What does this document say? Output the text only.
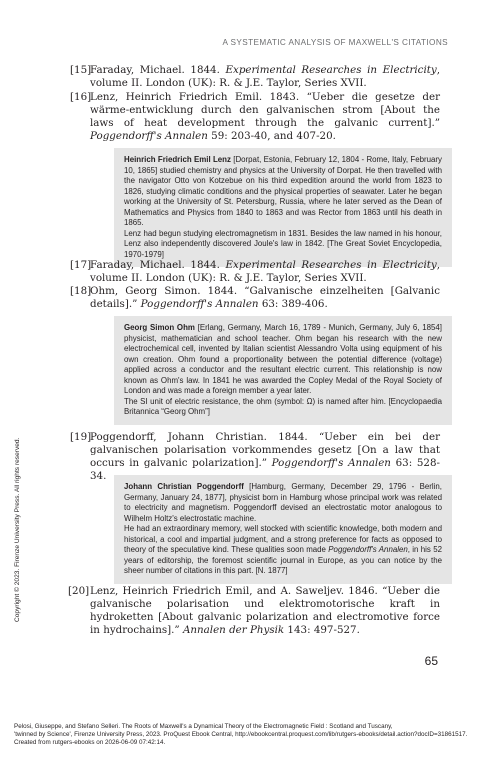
A SYSTEMATIC ANALYSIS OF MAXWELL'S CITATIONS
[15]
Faraday, Michael. 1844. Experimental Researches in Electricity, volume II. London (UK): R. & J.E. Taylor, Series XVII.
[16]
Lenz, Heinrich Friedrich Emil. 1843. “Ueber die gesetze der wärme-entwicklung durch den galvanischen strom [About the laws of heat development through the galvanic current].” Poggendorff's Annalen 59: 203-40, and 407-20.

Heinrich Friedrich Emil Lenz [Dorpat, Estonia, February 12, 1804 - Rome, Italy, February 10, 1865] studied chemistry and physics at the University of Dorpat. He then travelled with the navigator Otto von Kotzebue on his third expedition around the world from 1823 to 1826, studying climatic conditions and the physical properties of seawater. Later he began working at the University of St. Petersburg, Russia, where he later served as the Dean of Mathematics and Physics from 1840 to 1863 and was Rector from 1863 until his death in 1865.

Lenz had begun studying electromagnetism in 1831. Besides the law named in his honour, Lenz also independently discovered Joule's law in 1842. [The Great Soviet Encyclopedia, 1970-1979]

[17]
Faraday, Michael. 1844. Experimental Researches in Electricity, volume II. London (UK): R. & J.E. Taylor, Series XVII.
[18]
Ohm, Georg Simon. 1844. “Galvanische einzelheiten [Galvanic details].” Poggendorff's Annalen 63: 389-406.

Georg Simon Ohm [Erlang, Germany, March 16, 1789 - Munich, Germany, July 6, 1854] physicist, mathematician and school teacher. Ohm began his research with the new electrochemical cell, invented by Italian scientist Alessandro Volta using equipment of his own creation. Ohm found a proportionality between the potential difference (voltage) applied across a conductor and the resultant electric current. This relationship is now known as Ohm's law. In 1841 he was awarded the Copley Medal of the Royal Society of London and was made a foreign member a year later.

The SI unit of electric resistance, the ohm (symbol: Ω) is named after him. [Encyclopaedia Britannica “Georg Ohm”]

[19]
Poggendorff, Johann Christian. 1844. “Ueber ein bei der galvanischen polarisation vorkommendes gesetz [On a law that occurs in galvanic polarization].” Poggendorff's Annalen 63: 528-34.

Johann Christian Poggendorff [Hamburg, Germany, December 29, 1796 - Berlin, Germany, January 24, 1877], physicist born in Hamburg whose principal work was related to electricity and magnetism. Poggendorff devised an electrostatic motor analogous to Wilhelm Holtz's electrostatic machine.

He had an extraordinary memory, well stocked with scientific knowledge, both modern and historical, a cool and impartial judgment, and a strong preference for facts as opposed to theory of the speculative kind. These qualities soon made Poggendorff's Annalen, in his 52 years of editorship, the foremost scientific journal in Europe, as you can notice by the sheer number of citations in this part. [N. 1877]

[20] Lenz, Heinrich Friedrich Emil, and A. Saweljev. 1846. “Ueber die galvanische polarisation und elektromotorische kraft in hydroketten [About galvanic polarization and electromotive force in hydrochains].” Annalen der Physik 143: 497-527.
65
Copyright © 2023. Firenze University Press. All rights reserved.
Pelosi, Giuseppe, and Stefano Selleri. The Roots of Maxwell's a Dynamical Theory of the Electromagnetic Field : Scotland and Tuscany,
'twinned by Science', Firenze University Press, 2023. ProQuest Ebook Central, http://ebookcentral.proquest.com/lib/rutgers-ebooks/detail.action?docID=31861517.
Created from rutgers-ebooks on 2026-06-09 07:42:14.
